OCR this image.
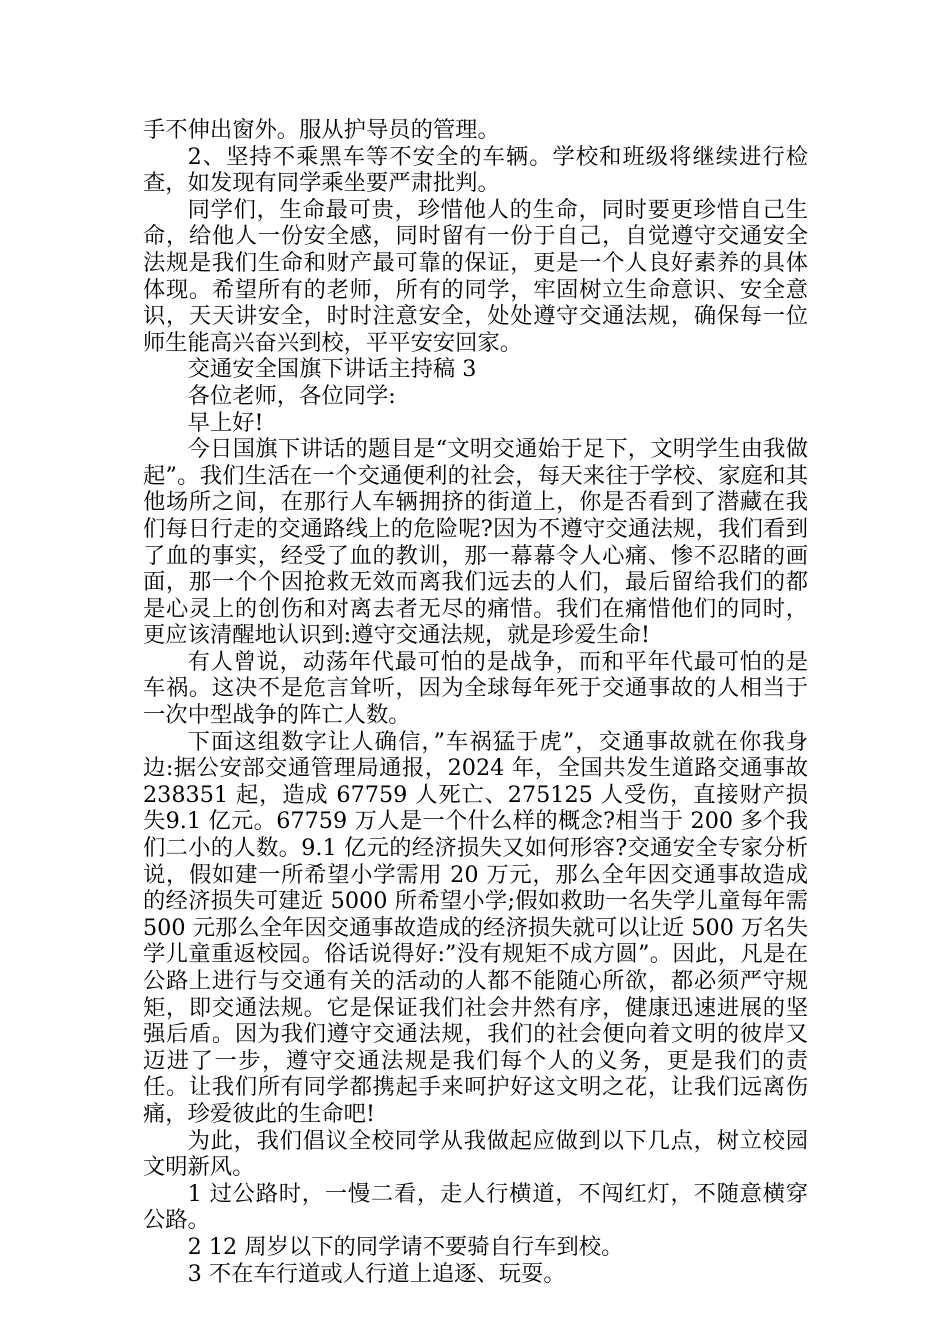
手不伸出窗外。服从护导员的管理。

2、坚持不乘黑车等不安全的车辆。学校和班级将继续进行检查，如发现有同学乘坐要严肃批判。

同学们，生命最可贵，珍惜他人的生命，同时要更珍惜自己生命，给他人一份安全感，同时留有一份于自己，自觉遵守交通安全法规是我们生命和财产最可靠的保证，更是一个人良好素养的具体体现。希望所有的老师，所有的同学，牢固树立生命意识、安全意识，天天讲安全，时时注意安全，处处遵守交通法规，确保每一位师生能高兴奋兴到校，平平安安回家。

交通安全国旗下讲话主持稿 3

各位老师，各位同学:

早上好!

今日国旗下讲话的题目是“文明交通始于足下，文明学生由我做起”。我们生活在一个交通便利的社会，每天来往于学校、家庭和其他场所之间，在那行人车辆拥挤的街道上，你是否看到了潜藏在我们每日行走的交通路线上的危险呢?因为不遵守交通法规，我们看到了血的事实，经受了血的教训，那一幕幕令人心痛、惨不忍睹的画面，那一个个因抢救无效而离我们远去的人们，最后留给我们的都是心灵上的创伤和对离去者无尽的痛惜。我们在痛惜他们的同时，更应该清醒地认识到:遵守交通法规，就是珍爱生命!

有人曾说，动荡年代最可怕的是战争，而和平年代最可怕的是车祸。这决不是危言耸听，因为全球每年死于交通事故的人相当于一次中型战争的阵亡人数。

下面这组数字让人确信，”车祸猛于虎”，交通事故就在你我身边:据公安部交通管理局通报，2024 年，全国共发生道路交通事故 238351 起，造成 67759 人死亡、275125 人受伤，直接财产损失9.1 亿元。67759 万人是一个什么样的概念?相当于 200 多个我们二小的人数。9.1 亿元的经济损失又如何形容?交通安全专家分析说，假如建一所希望小学需用 20 万元，那么全年因交通事故造成的经济损失可建近 5000 所希望小学;假如救助一名失学儿童每年需 500 元那么全年因交通事故造成的经济损失就可以让近 500 万名失学儿童重返校园。俗话说得好:”没有规矩不成方圆”。因此，凡是在公路上进行与交通有关的活动的人都不能随心所欲，都必须严守规矩，即交通法规。它是保证我们社会井然有序，健康迅速进展的坚强后盾。因为我们遵守交通法规，我们的社会便向着文明的彼岸又迈进了一步，遵守交通法规是我们每个人的义务，更是我们的责任。让我们所有同学都携起手来呵护好这文明之花，让我们远离伤痛，珍爱彼此的生命吧!

为此，我们倡议全校同学从我做起应做到以下几点，树立校园文明新风。

1 过公路时，一慢二看，走人行横道，不闯红灯，不随意横穿公路。

2 12 周岁以下的同学请不要骑自行车到校。

3 不在车行道或人行道上追逐、玩耍。
